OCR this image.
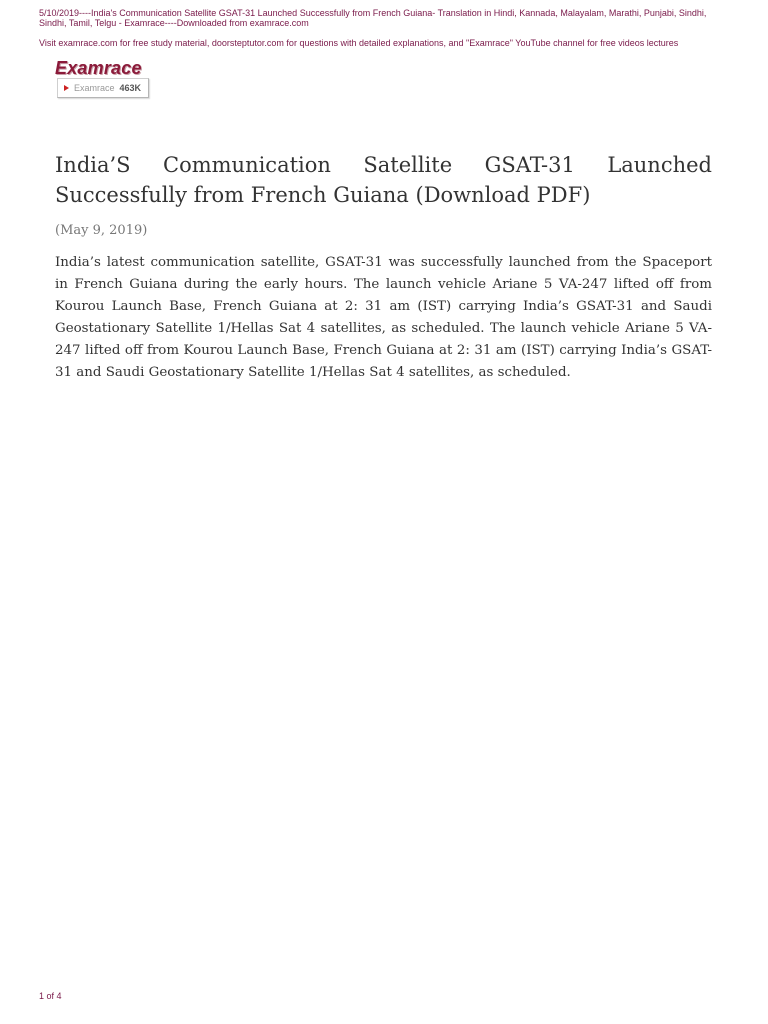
5/10/2019----India's Communication Satellite GSAT-31 Launched Successfully from French Guiana- Translation in Hindi, Kannada, Malayalam, Marathi, Punjabi, Sindhi, Sindhi, Tamil, Telgu - Examrace----Downloaded from examrace.com

Visit examrace.com for free study material, doorsteptutor.com for questions with detailed explanations, and "Examrace" YouTube channel for free videos lectures

Examrace
Examrace 463K
India’S Communication Satellite GSAT-31 Launched Successfully from French Guiana (Download PDF)

(May 9, 2019)

India’s latest communication satellite, GSAT-31 was successfully launched from the Spaceport in French Guiana during the early hours. The launch vehicle Ariane 5 VA-247 lifted off from Kourou Launch Base, French Guiana at 2: 31 am (IST) carrying India’s GSAT-31 and Saudi Geostationary Satellite 1/Hellas Sat 4 satellites, as scheduled. The launch vehicle Ariane 5 VA-247 lifted off from Kourou Launch Base, French Guiana at 2: 31 am (IST) carrying India’s GSAT-31 and Saudi Geostationary Satellite 1/Hellas Sat 4 satellites, as scheduled.

1 of 4
